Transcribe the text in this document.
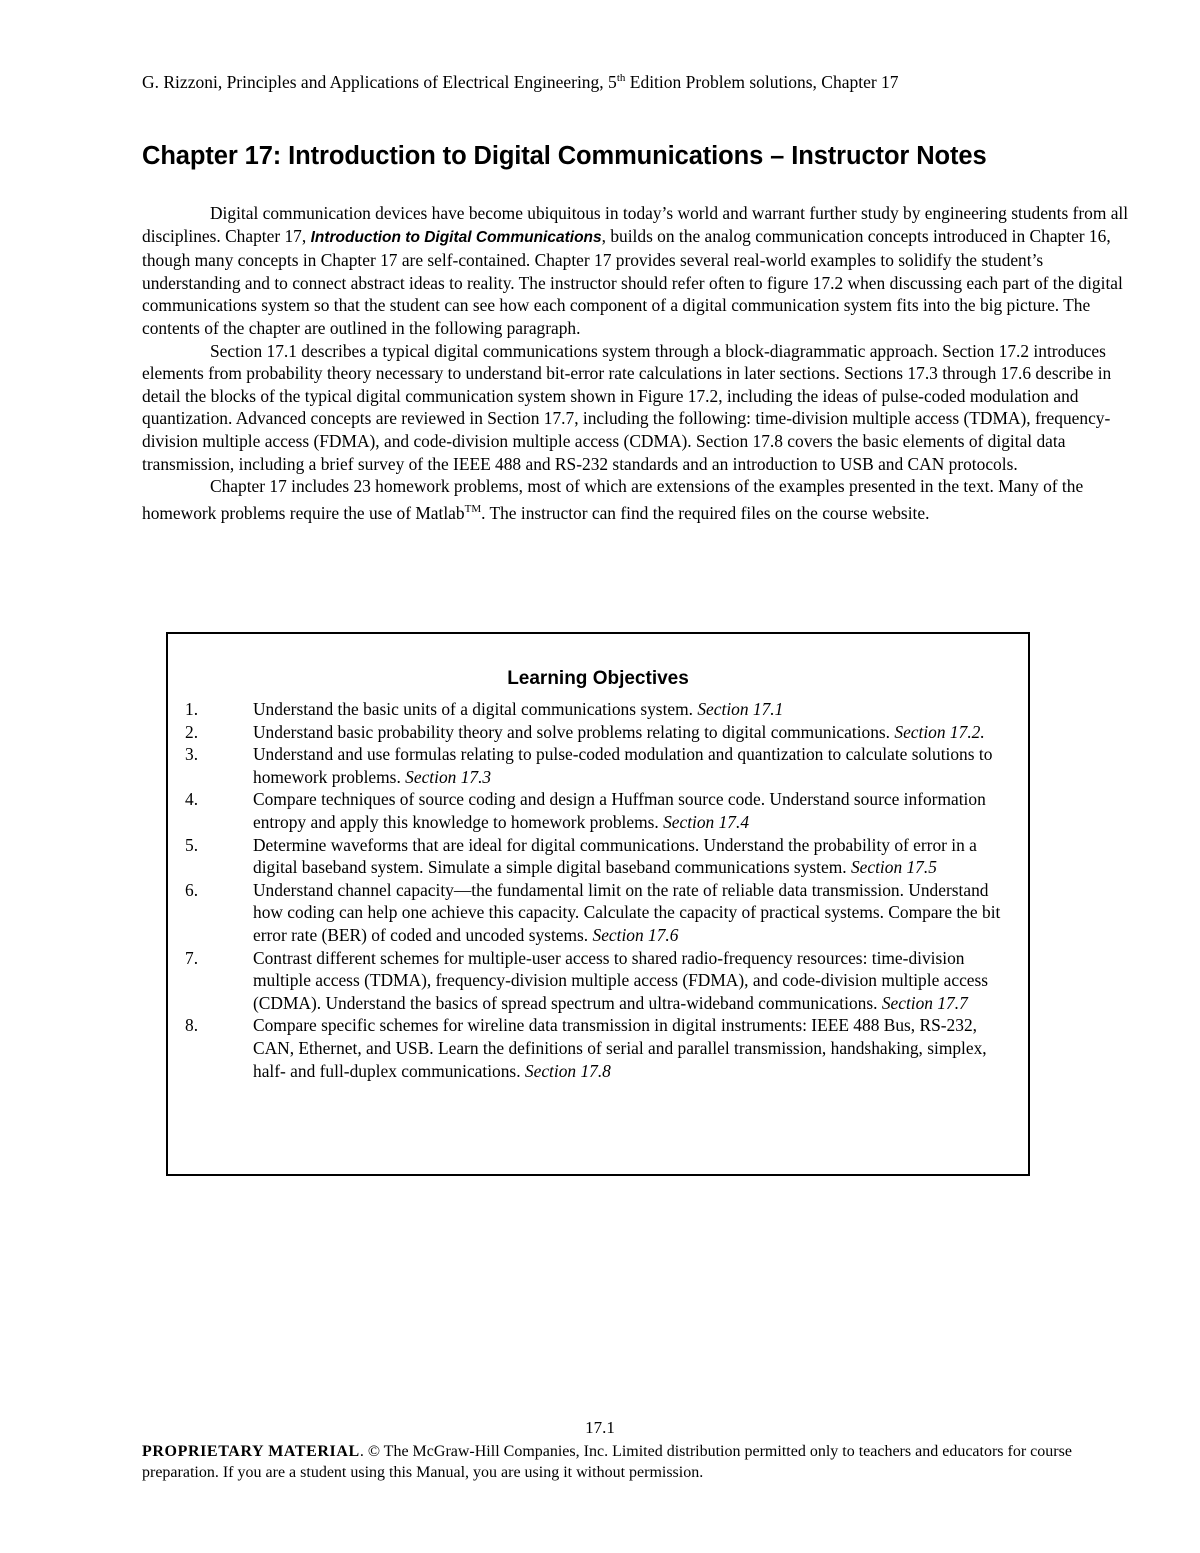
G. Rizzoni, Principles and Applications of Electrical Engineering, 5th Edition Problem solutions, Chapter 17
Chapter 17: Introduction to Digital Communications – Instructor Notes

Digital communication devices have become ubiquitous in today’s world and warrant further study by engineering students from all disciplines. Chapter 17, Introduction to Digital Communications, builds on the analog communication concepts introduced in Chapter 16, though many concepts in Chapter 17 are self-contained. Chapter 17 provides several real-world examples to solidify the student’s understanding and to connect abstract ideas to reality. The instructor should refer often to figure 17.2 when discussing each part of the digital communications system so that the student can see how each component of a digital communication system fits into the big picture. The contents of the chapter are outlined in the following paragraph.

Section 17.1 describes a typical digital communications system through a block-diagrammatic approach. Section 17.2 introduces elements from probability theory necessary to understand bit-error rate calculations in later sections. Sections 17.3 through 17.6 describe in detail the blocks of the typical digital communication system shown in Figure 17.2, including the ideas of pulse-coded modulation and quantization. Advanced concepts are reviewed in Section 17.7, including the following: time-division multiple access (TDMA), frequency-division multiple access (FDMA), and code-division multiple access (CDMA). Section 17.8 covers the basic elements of digital data transmission, including a brief survey of the IEEE 488 and RS-232 standards and an introduction to USB and CAN protocols.

Chapter 17 includes 23 homework problems, most of which are extensions of the examples presented in the text. Many of the homework problems require the use of Matlab™. The instructor can find the required files on the course website.

Learning Objectives
1.	Understand the basic units of a digital communications system. Section 17.1
2.	Understand basic probability theory and solve problems relating to digital communications. Section 17.2.
3.	Understand and use formulas relating to pulse-coded modulation and quantization to calculate solutions to homework problems. Section 17.3
4.	Compare techniques of source coding and design a Huffman source code. Understand source information entropy and apply this knowledge to homework problems. Section 17.4
5.	Determine waveforms that are ideal for digital communications. Understand the probability of error in a digital baseband system. Simulate a simple digital baseband communications system. Section 17.5
6.	Understand channel capacity—the fundamental limit on the rate of reliable data transmission. Understand how coding can help one achieve this capacity. Calculate the capacity of practical systems. Compare the bit error rate (BER) of coded and uncoded systems. Section 17.6
7.	Contrast different schemes for multiple-user access to shared radio-frequency resources: time-division multiple access (TDMA), frequency-division multiple access (FDMA), and code-division multiple access (CDMA). Understand the basics of spread spectrum and ultra-wideband communications. Section 17.7
8.	Compare specific schemes for wireline data transmission in digital instruments: IEEE 488 Bus, RS-232, CAN, Ethernet, and USB. Learn the definitions of serial and parallel transmission, handshaking, simplex, half- and full-duplex communications. Section 17.8
17.1
PROPRIETARY MATERIAL. © The McGraw-Hill Companies, Inc. Limited distribution permitted only to teachers and educators for course preparation. If you are a student using this Manual, you are using it without permission.
